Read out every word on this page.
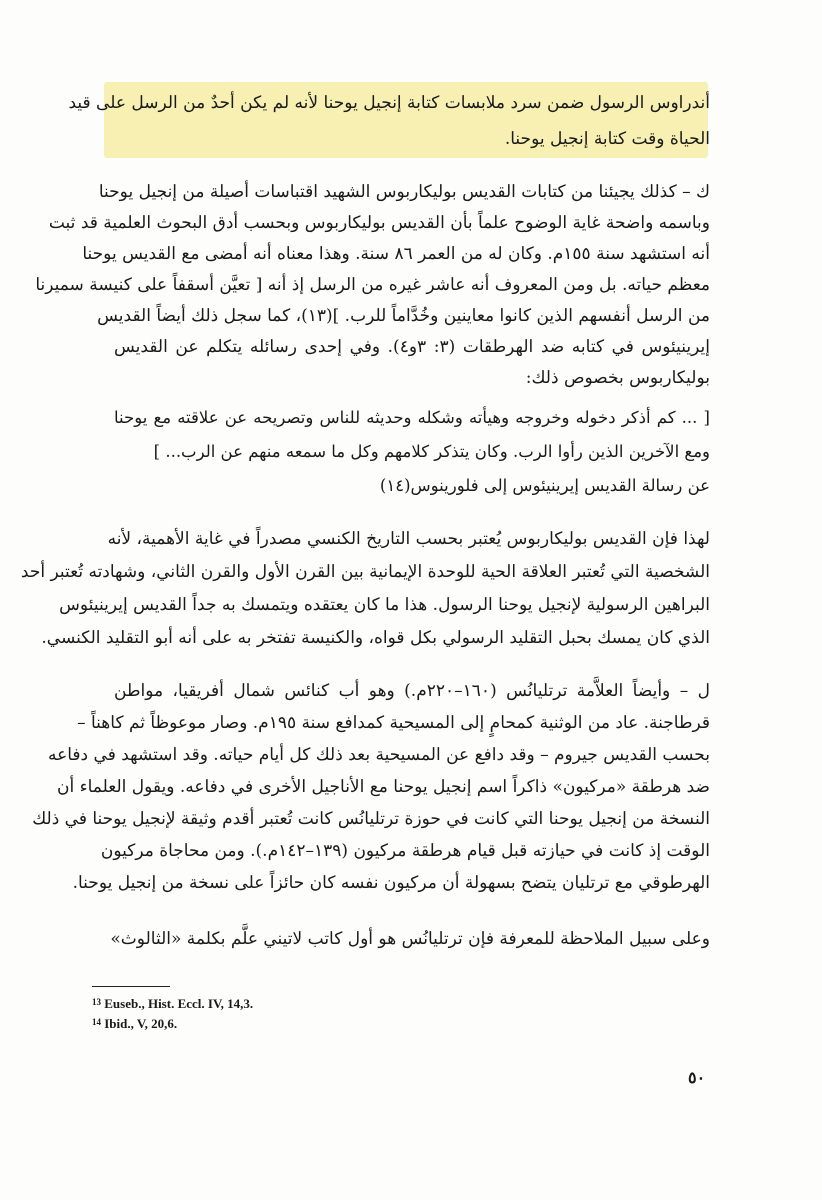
أندراوس الرسول ضمن سرد ملابسات كتابة إنجيل يوحنا لأنه لم يكن أحدٌ من الرسل على قيد
الحياة وقت كتابة إنجيل يوحنا.
ك – كذلك يجيئنا من كتابات القديس بوليكاربوس الشهيد اقتباسات أصيلة من إنجيل يوحنا
وباسمه واضحة غاية الوضوح علماً بأن القديس بوليكاربوس وبحسب أدق البحوث العلمية قد ثبت
أنه استشهد سنة ١٥٥م. وكان له من العمر ٨٦ سنة. وهذا معناه أنه أمضى مع القديس يوحنا
معظم حياته. بل ومن المعروف أنه عاشر غيره من الرسل إذ أنه [ تعيَّن أسقفاً على كنيسة سميرنا
من الرسل أنفسهم الذين كانوا معاينين وخُدَّاماً للرب. ](١٣)، كما سجل ذلك أيضاً القديس
إيرينيئوس في كتابه ضد الهرطقات (٣: ٣و٤). وفي إحدى رسائله يتكلم عن القديس
بوليكاربوس بخصوص ذلك:
[ ... كم أذكر دخوله وخروجه وهيأته وشكله وحديثه للناس وتصريحه عن علاقته مع يوحنا
ومع الآخرين الذين رأوا الرب. وكان يتذكر كلامهم وكل ما سمعه منهم عن الرب... ]
عن رسالة القديس إيرينيئوس إلى فلورينوس(١٤)
لهذا فإن القديس بوليكاربوس يُعتبر بحسب التاريخ الكنسي مصدراً في غاية الأهمية، لأنه
الشخصية التي تُعتبر العلاقة الحية للوحدة الإيمانية بين القرن الأول والقرن الثاني، وشهادته تُعتبر أحد
البراهين الرسولية لإنجيل يوحنا الرسول. هذا ما كان يعتقده ويتمسك به جداً القديس إيرينيئوس
الذي كان يمسك بحبل التقليد الرسولي بكل قواه، والكنيسة تفتخر به على أنه أبو التقليد الكنسي.
ل – وأيضاً العلاَّمة ترتليانُس (١٦٠–٢٢٠م.) وهو أب كنائس شمال أفريقيا، مواطن
قرطاجنة. عاد من الوثنية كمحامٍ إلى المسيحية كمدافع سنة ١٩٥م. وصار موعوظاً ثم كاهناً –
بحسب القديس جيروم – وقد دافع عن المسيحية بعد ذلك كل أيام حياته. وقد استشهد في دفاعه
ضد هرطقة «مركيون» ذاكراً اسم إنجيل يوحنا مع الأناجيل الأخرى في دفاعه. ويقول العلماء أن
النسخة من إنجيل يوحنا التي كانت في حوزة ترتليانُس كانت تُعتبر أقدم وثيقة لإنجيل يوحنا في ذلك
الوقت إذ كانت في حيازته قبل قيام هرطقة مركيون (١٣٩–١٤٢م.). ومن محاجاة مركيون
الهرطوقي مع ترتليان يتضح بسهولة أن مركيون نفسه كان حائزاً على نسخة من إنجيل يوحنا.
وعلى سبيل الملاحظة للمعرفة فإن ترتليانُس هو أول كاتب لاتيني علَّم بكلمة «الثالوث»
$^{13}$ Euseb., Hist. Eccl. IV, 14,3.
$^{14}$ Ibid., V, 20,6.
٥٠
